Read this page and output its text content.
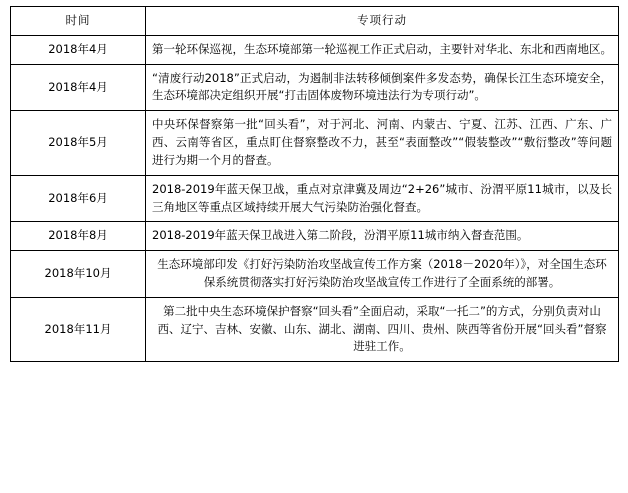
时间	专项行动
2018年4月	第一轮环保巡视，生态环境部第一轮巡视工作正式启动，主要针对华北、东北和西南地区。
2018年4月	“清废行动2018”正式启动，为遏制非法转移倾倒案件多发态势，确保长江生态环境安全，生态环境部决定组织开展“打击固体废物环境违法行为专项行动”。
2018年5月	中央环保督察第一批“回头看”，对于河北、河南、内蒙古、宁夏、江苏、江西、广东、广西、云南等省区，重点盯住督察整改不力，甚至“表面整改”“假装整改”“敷衍整改”等问题进行为期一个月的督查。
2018年6月	2018-2019年蓝天保卫战，重点对京津冀及周边“2+26”城市、汾渭平原11城市，以及长三角地区等重点区域持续开展大气污染防治强化督查。
2018年8月	2018-2019年蓝天保卫战进入第二阶段，汾渭平原11城市纳入督查范围。
2018年10月	生态环境部印发《打好污染防治攻坚战宣传工作方案（2018－2020年）》，对全国生态环保系统贯彻落实打好污染防治攻坚战宣传工作进行了全面系统的部署。
2018年11月	第二批中央生态环境保护督察“回头看”全面启动，采取“一托二”的方式，分别负责对山西、辽宁、吉林、安徽、山东、湖北、湖南、四川、贵州、陕西等省份开展“回头看”督察进驻工作。
